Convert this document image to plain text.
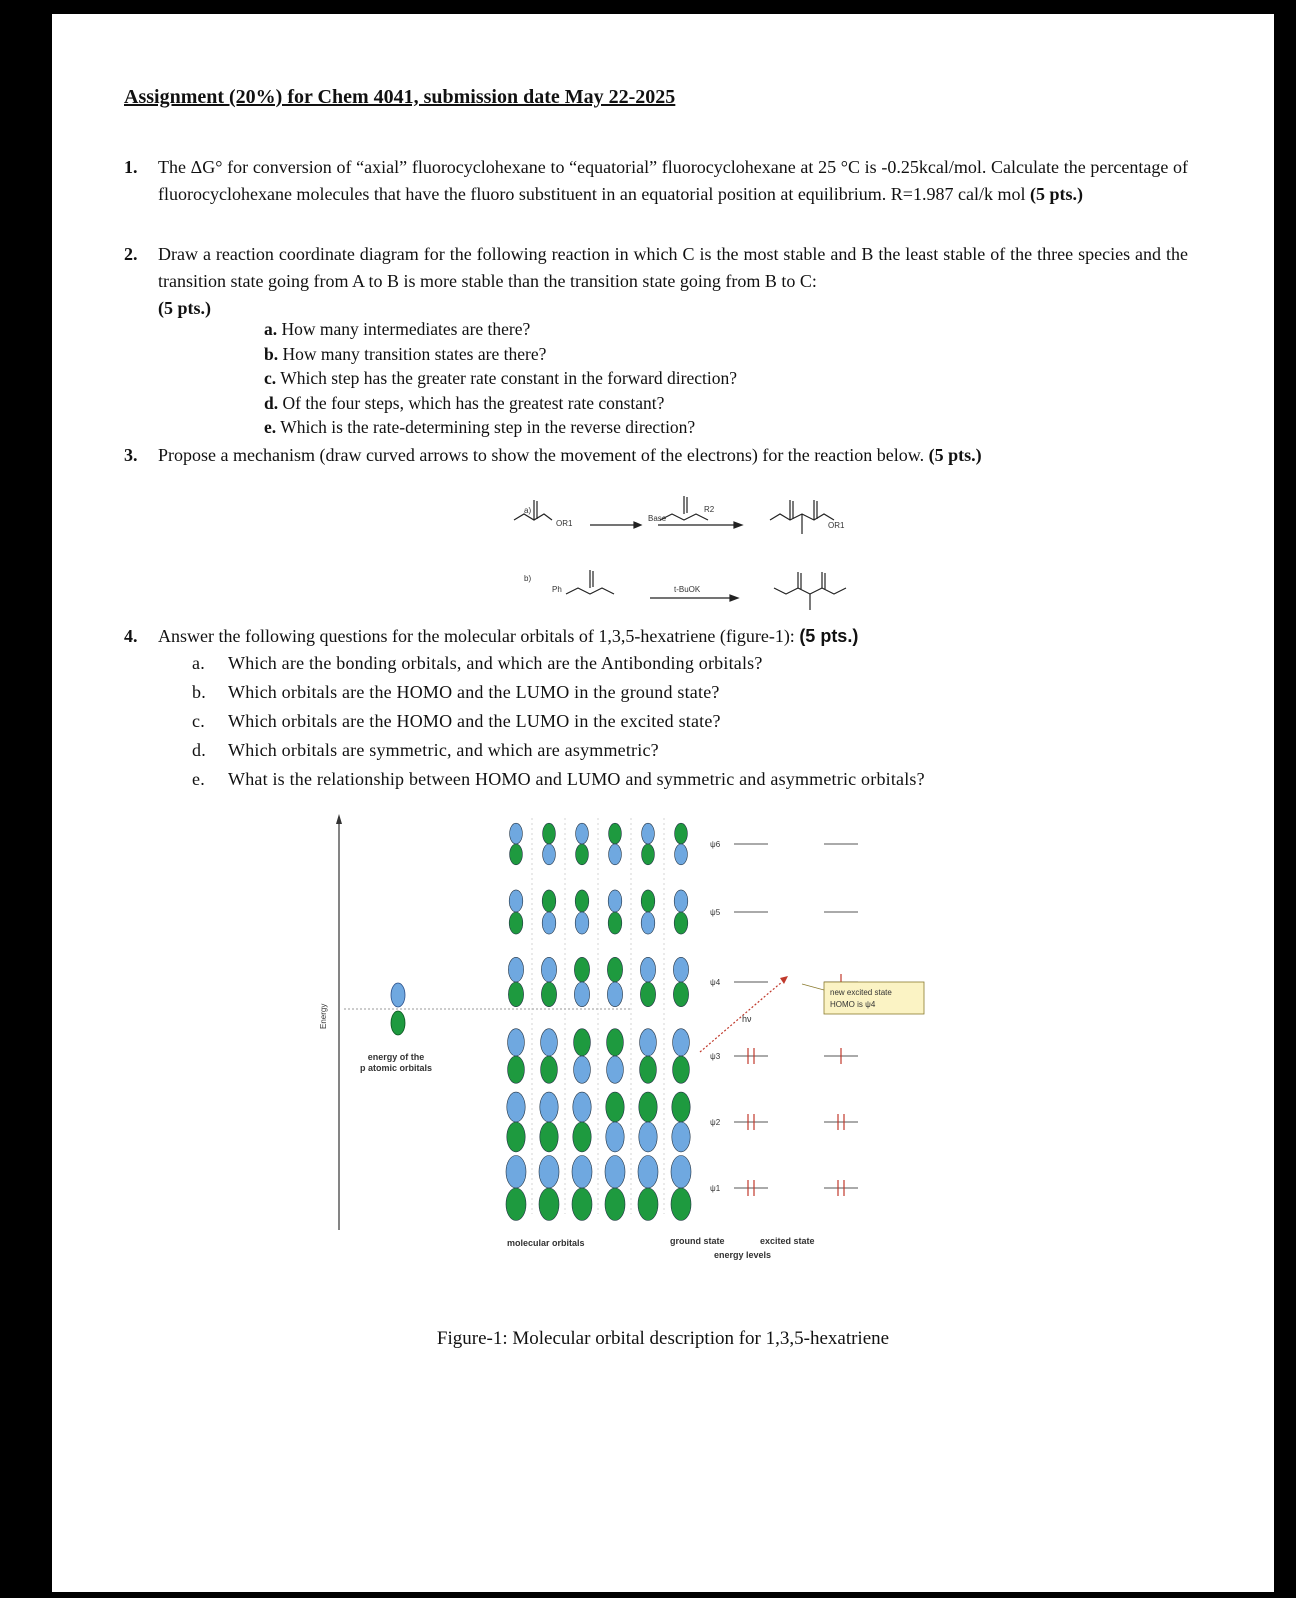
Assignment (20%) for Chem 4041, submission date May 22-2025
1. The ΔG° for conversion of “axial” fluorocyclohexane to “equatorial” fluorocyclohexane at 25 °C is -0.25kcal/mol. Calculate the percentage of fluorocyclohexane molecules that have the fluoro substituent in an equatorial position at equilibrium. R=1.987 cal/k mol (5 pts.)
2. Draw a reaction coordinate diagram for the following reaction in which C is the most stable and B the least stable of the three species and the transition state going from A to B is more stable than the transition state going from B to C:
(5 pts.)
a. How many intermediates are there?
b. How many transition states are there?
c. Which step has the greater rate constant in the forward direction?
d. Of the four steps, which has the greatest rate constant?
e. Which is the rate-determining step in the reverse direction?
3. Propose a mechanism (draw curved arrows to show the movement of the electrons) for the reaction below. (5 pts.)
a)
OR1
Base
R2
OR1
b)
Ph	t-BuOK
4. Answer the following questions for the molecular orbitals of 1,3,5-hexatriene (figure-1): (5 pts.)
a. Which are the bonding orbitals, and which are the Antibonding orbitals?
b. Which orbitals are the HOMO and the LUMO in the ground state?
c. Which orbitals are the HOMO and the LUMO in the excited state?
d. Which orbitals are symmetric, and which are asymmetric?
e. What is the relationship between HOMO and LUMO and symmetric and asymmetric orbitals?
Energy
ψ6
ψ5
ψ4
ψ3
ψ2
ψ1
hν
new excited state
HOMO is ψ4
energy of the
p atomic orbitals
molecular orbitals	ground state	excited state
energy levels
Figure-1: Molecular orbital description for 1,3,5-hexatriene
